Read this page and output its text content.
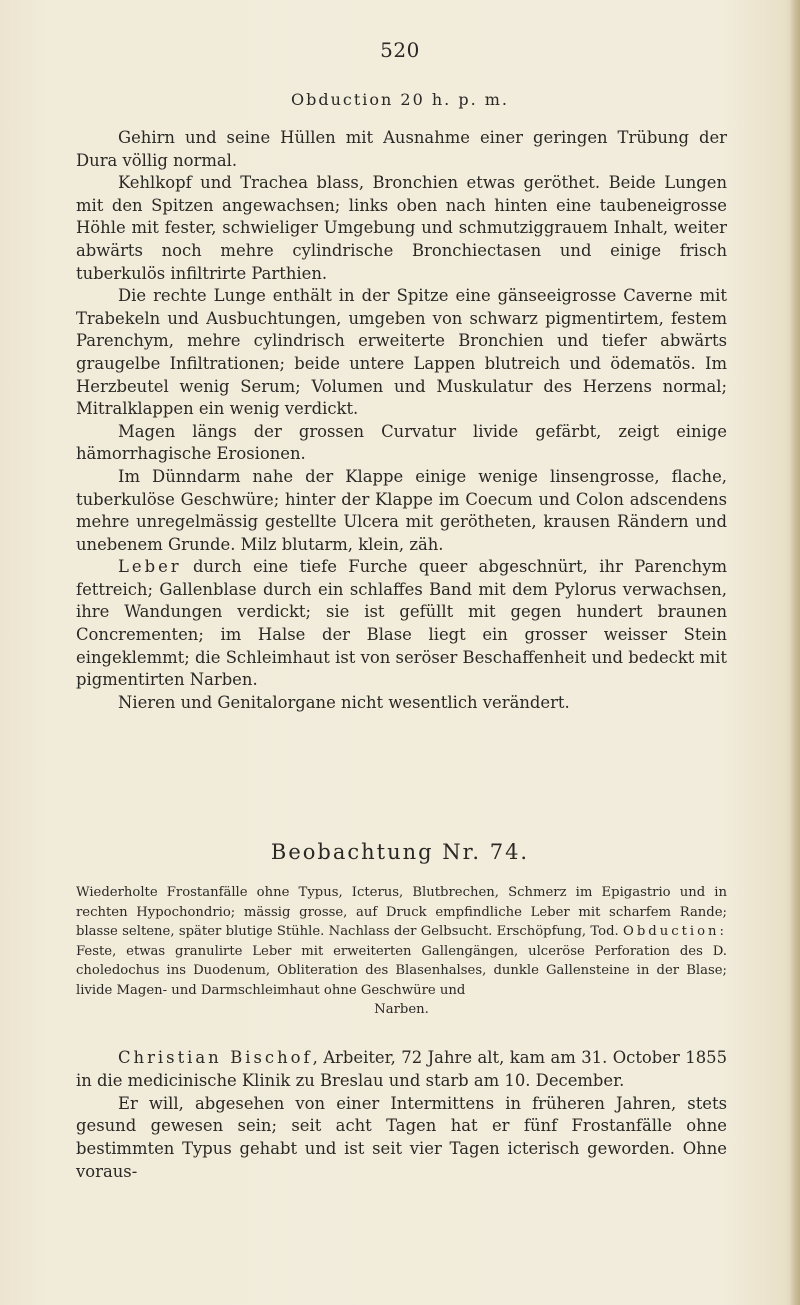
520
Obduction 20 h. p. m.

Gehirn und seine Hüllen mit Ausnahme einer geringen Trübung der Dura völlig normal.

Kehlkopf und Trachea blass, Bronchien etwas geröthet. Beide Lungen mit den Spitzen angewachsen; links oben nach hinten eine taubeneigrosse Höhle mit fester, schwieliger Umgebung und schmutziggrauem Inhalt, weiter abwärts noch mehre cylindrische Bronchiectasen und einige frisch tuberkulös infiltrirte Parthien.

Die rechte Lunge enthält in der Spitze eine gänseeigrosse Caverne mit Trabekeln und Ausbuchtungen, umgeben von schwarz pigmentirtem, festem Parenchym, mehre cylindrisch erweiterte Bronchien und tiefer abwärts graugelbe Infiltrationen; beide untere Lappen blutreich und ödematös. Im Herzbeutel wenig Serum; Volumen und Muskulatur des Herzens normal; Mitralklappen ein wenig verdickt.

Magen längs der grossen Curvatur livide gefärbt, zeigt einige hämorrhagische Erosionen.

Im Dünndarm nahe der Klappe einige wenige linsengrosse, flache, tuberkulöse Geschwüre; hinter der Klappe im Coecum und Colon adscendens mehre unregelmässig gestellte Ulcera mit gerötheten, krausen Rändern und unebenem Grunde. Milz blutarm, klein, zäh.

Leber durch eine tiefe Furche queer abgeschnürt, ihr Parenchym fettreich; Gallenblase durch ein schlaffes Band mit dem Pylorus verwachsen, ihre Wandungen verdickt; sie ist gefüllt mit gegen hundert braunen Concrementen; im Halse der Blase liegt ein grosser weisser Stein eingeklemmt; die Schleimhaut ist von seröser Beschaffenheit und bedeckt mit pigmentirten Narben.

Nieren und Genitalorgane nicht wesentlich verändert.

Beobachtung Nr. 74.
Wiederholte Frostanfälle ohne Typus, Icterus, Blutbrechen, Schmerz im Epigastrio und in rechten Hypochondrio; mässig grosse, auf Druck empfindliche Leber mit scharfem Rande; blasse seltene, später blutige Stühle. Nachlass der Gelbsucht. Erschöpfung, Tod. Obduction: Feste, etwas granulirte Leber mit erweiterten Gallengängen, ulceröse Perforation des D. choledochus ins Duodenum, Obliteration des Blasenhalses, dunkle Gallensteine in der Blase; livide Magen- und Darmschleimhaut ohne Geschwüre und
Narben.

Christian Bischof, Arbeiter, 72 Jahre alt, kam am 31. October 1855 in die medicinische Klinik zu Breslau und starb am 10. December.

Er will, abgesehen von einer Intermittens in früheren Jahren, stets gesund gewesen sein; seit acht Tagen hat er fünf Frostanfälle ohne bestimmten Typus gehabt und ist seit vier Tagen icterisch geworden. Ohne voraus-
